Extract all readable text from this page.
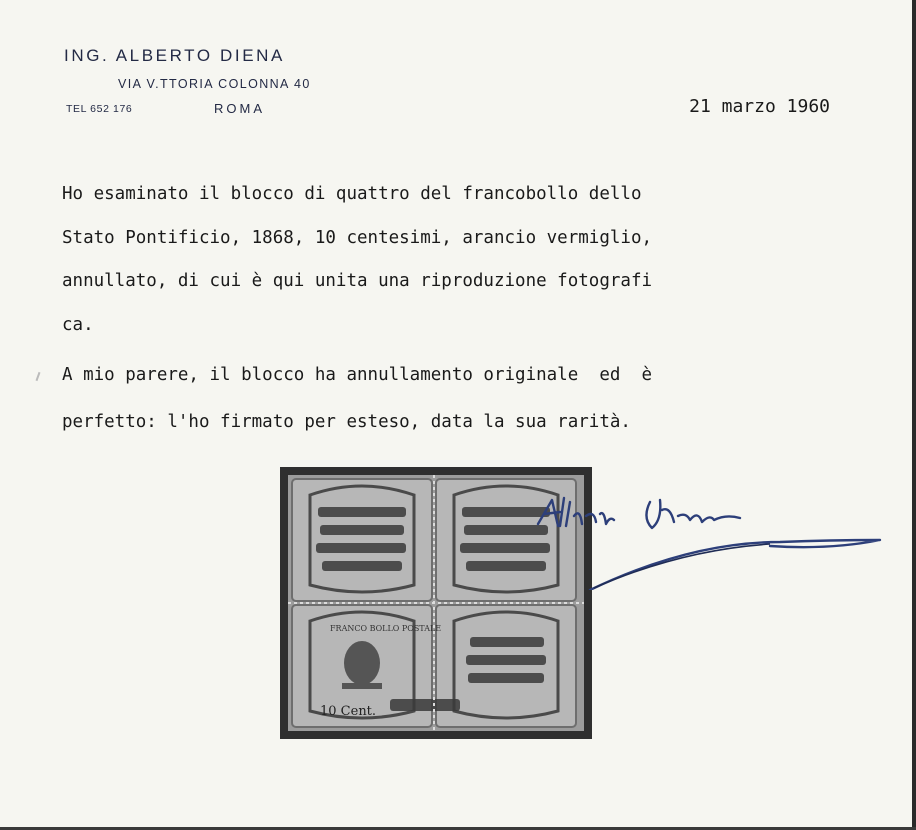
ING. ALBERTO DIENA
VIA V.TTORIA COLONNA 40
TEL 652 176	ROMA	21 marzo 1960

Ho esaminato il blocco di quattro del francobollo dello

Stato Pontificio, 1868, 10 centesimi, arancio vermiglio,

annullato, di cui è qui unita una riproduzione fotografi

ca.

A mio parere, il blocco ha annullamento originale  ed  è

perfetto: l'ho firmato per esteso, data la sua rarità.

FRANCO BOLLO POSTALE
10 Cent.
